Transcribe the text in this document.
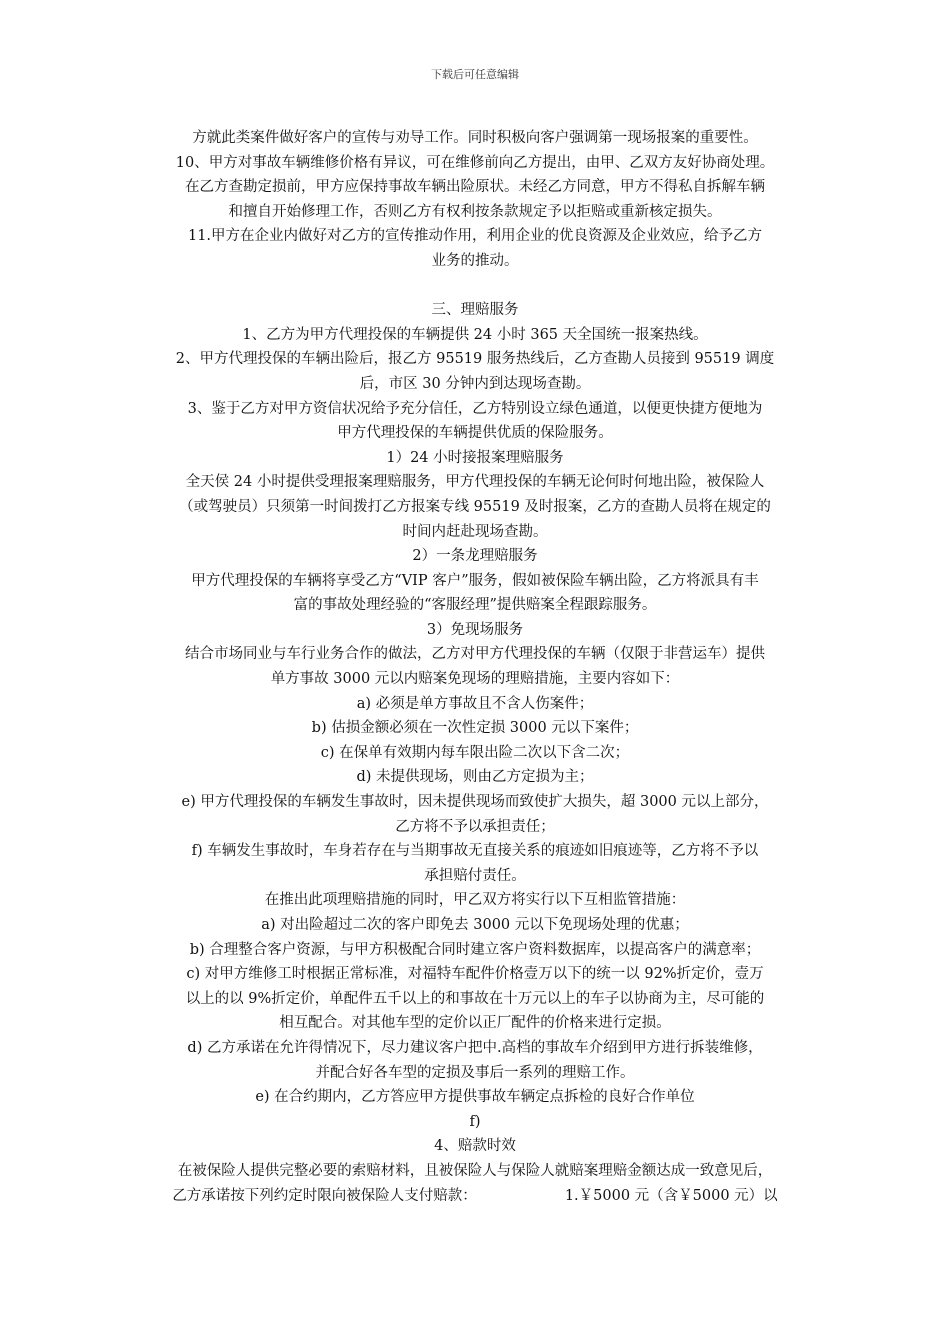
下载后可任意编辑
方就此类案件做好客户的宣传与劝导工作。同时积极向客户强调第一现场报案的重要性。
10、甲方对事故车辆维修价格有异议，可在维修前向乙方提出，由甲、乙双方友好协商处理。
在乙方查勘定损前，甲方应保持事故车辆出险原状。未经乙方同意，甲方不得私自拆解车辆
和擅自开始修理工作，否则乙方有权利按条款规定予以拒赔或重新核定损失。
11.甲方在企业内做好对乙方的宣传推动作用，利用企业的优良资源及企业效应，给予乙方
业务的推动。
三、理赔服务
1、乙方为甲方代理投保的车辆提供 24 小时 365 天全国统一报案热线。
2、甲方代理投保的车辆出险后，报乙方 95519 服务热线后，乙方查勘人员接到 95519 调度
后，市区 30 分钟内到达现场查勘。
3、鉴于乙方对甲方资信状况给予充分信任，乙方特别设立绿色通道，以便更快捷方便地为
甲方代理投保的车辆提供优质的保险服务。
1）24 小时接报案理赔服务
全天侯 24 小时提供受理报案理赔服务，甲方代理投保的车辆无论何时何地出险，被保险人
（或驾驶员）只须第一时间拨打乙方报案专线 95519 及时报案，乙方的查勘人员将在规定的
时间内赶赴现场查勘。
2）一条龙理赔服务
甲方代理投保的车辆将享受乙方“VIP 客户”服务，假如被保险车辆出险，乙方将派具有丰
富的事故处理经验的“客服经理”提供赔案全程跟踪服务。
3）免现场服务
结合市场同业与车行业务合作的做法，乙方对甲方代理投保的车辆（仅限于非营运车）提供
单方事故 3000 元以内赔案免现场的理赔措施，主要内容如下：
a) 必须是单方事故且不含人伤案件；
b) 估损金额必须在一次性定损 3000 元以下案件；
c) 在保单有效期内每车限出险二次以下含二次；
d) 未提供现场，则由乙方定损为主；
e) 甲方代理投保的车辆发生事故时，因未提供现场而致使扩大损失，超 3000 元以上部分，
乙方将不予以承担责任；
f) 车辆发生事故时，车身若存在与当期事故无直接关系的痕迹如旧痕迹等，乙方将不予以
承担赔付责任。
在推出此项理赔措施的同时，甲乙双方将实行以下互相监管措施：
a) 对出险超过二次的客户即免去 3000 元以下免现场处理的优惠；
b) 合理整合客户资源，与甲方积极配合同时建立客户资料数据库，以提高客户的满意率；
c) 对甲方维修工时根据正常标准，对福特车配件价格壹万以下的统一以 92%折定价，壹万
以上的以 9%折定价，单配件五千以上的和事故在十万元以上的车子以协商为主，尽可能的
相互配合。对其他车型的定价以正厂配件的价格来进行定损。
d) 乙方承诺在允许得情况下，尽力建议客户把中.高档的事故车介绍到甲方进行拆装维修，
并配合好各车型的定损及事后一系列的理赔工作。
e) 在合约期内，乙方答应甲方提供事故车辆定点拆检的良好合作单位
f)
4、赔款时效
在被保险人提供完整必要的索赔材料，且被保险人与保险人就赔案理赔金额达成一致意见后，
乙方承诺按下列约定时限向被保险人支付赔款：	1.￥5000 元（含￥5000 元）以
